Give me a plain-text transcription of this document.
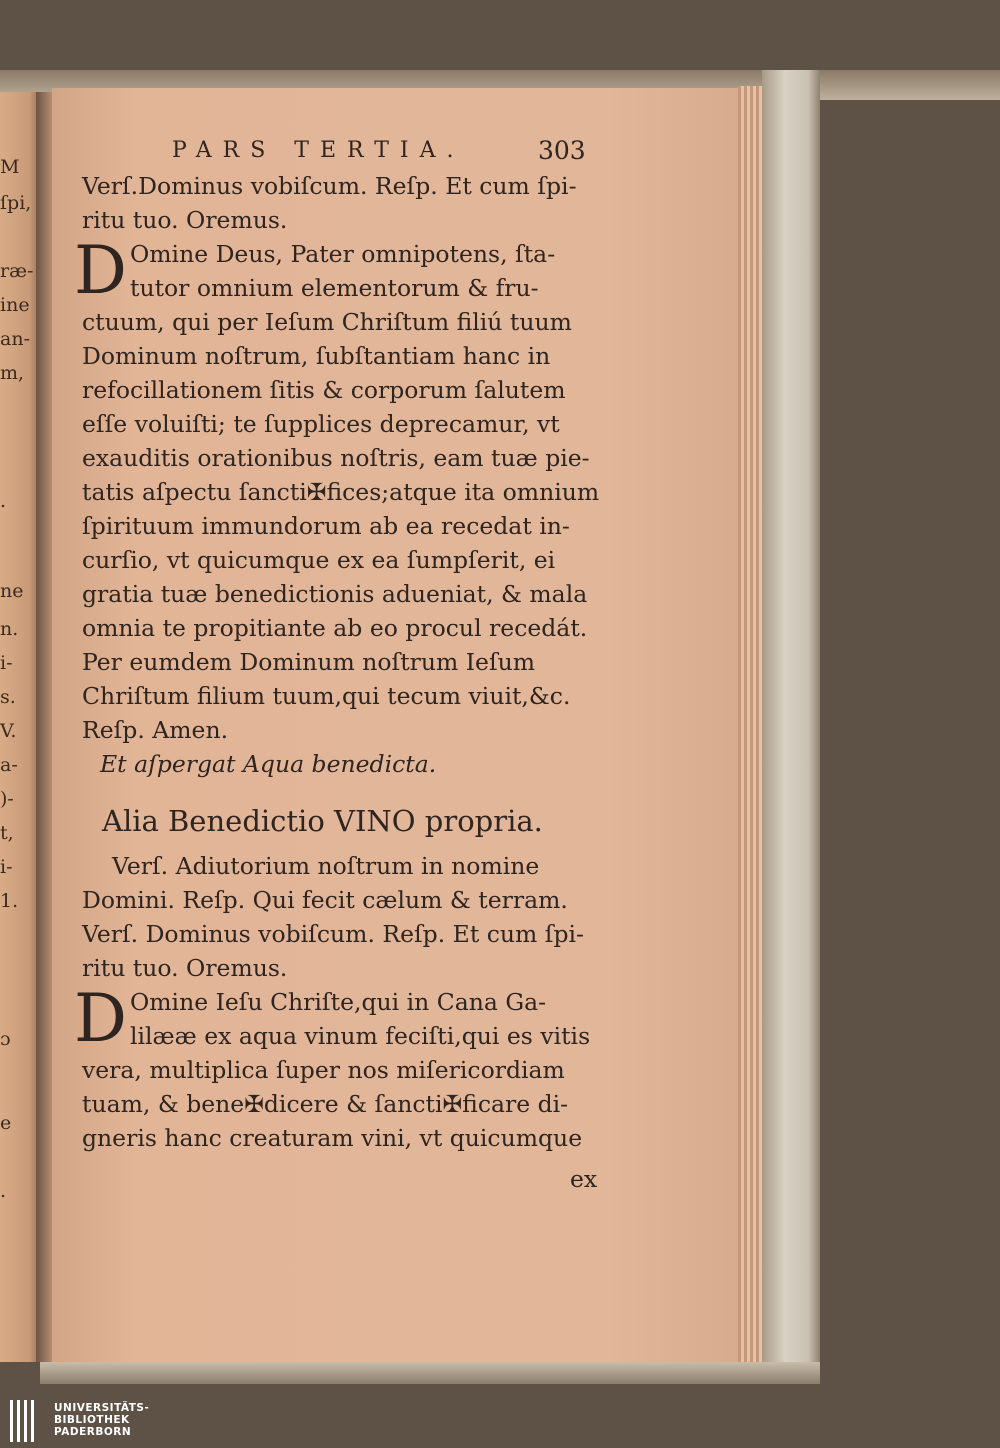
M
ſpi,
ræ-
ine
an-
m,
.
ne
n.
i-
s.
V.
a-
)-
t,
i-
1.
ɔ
e
.
PARS TERTIA.	303
Verſ.Dominus vobiſcum. Reſp. Et cum ſpi-
ritu tuo. Oremus.
D Omine Deus, Pater omnipotens, ſta-
tutor omnium elementorum & fru-
ctuum, qui per Ieſum Chriſtum filiú tuum
Dominum noſtrum, ſubſtantiam hanc in
refocillationem ſitis & corporum ſalutem
eſſe voluiſti; te ſupplices deprecamur, vt
exauditis orationibus noſtris, eam tuæ pie-
tatis aſpectu ſancti✠fices;atque ita omnium
ſpirituum immundorum ab ea recedat in-
curſio, vt quicumque ex ea ſumpſerit, ei
gratia tuæ benedictionis adueniat, & mala
omnia te propitiante ab eo procul recedát.
Per eumdem Dominum noſtrum Ieſum
Chriſtum filium tuum,qui tecum viuit,&c.
Reſp. Amen.
Et aſpergat Aqua benedicta.
Alia Benedictio VINO propria.
Verſ. Adiutorium noſtrum in nomine
Domini. Reſp. Qui fecit cælum & terram.
Verſ. Dominus vobiſcum. Reſp. Et cum ſpi-
ritu tuo. Oremus.
D Omine Ieſu Chriſte,qui in Cana Ga-
lilææ ex aqua vinum feciſti,qui es vitis
vera, multiplica ſuper nos miſericordiam
tuam, & bene✠dicere & ſancti✠ficare di-
gneris hanc creaturam vini, vt quicumque
ex
UNIVERSITÄTS-
BIBLIOTHEK
PADERBORN
